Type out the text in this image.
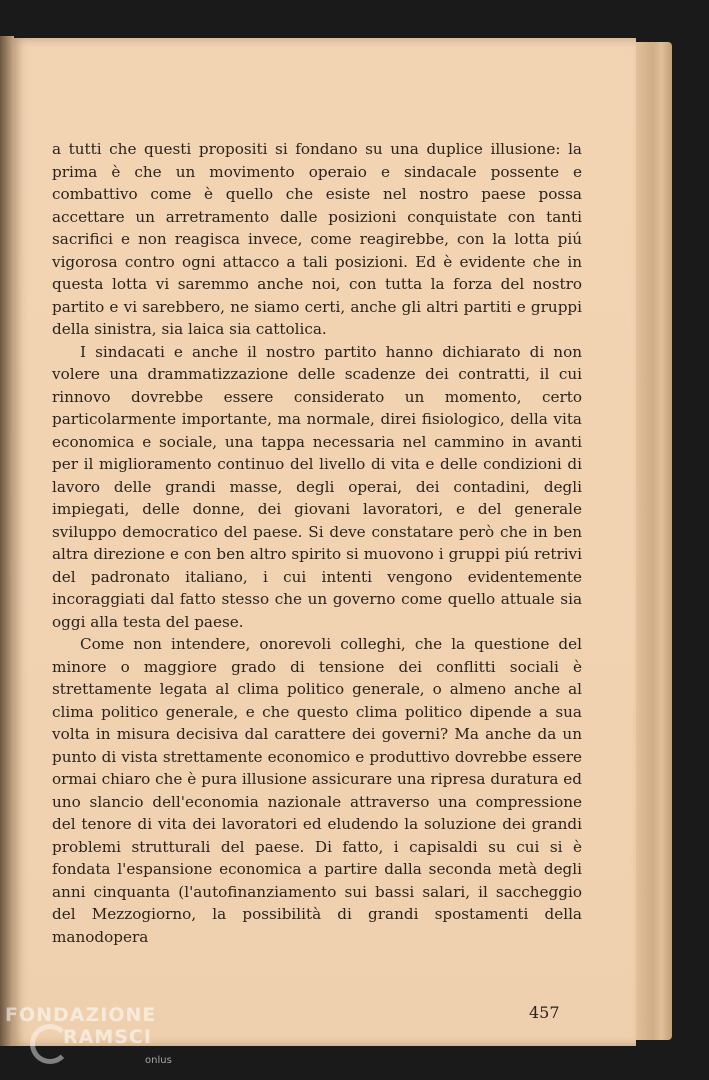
a tutti che questi propositi si fondano su una duplice illusione: la prima è che un movimento operaio e sindacale possente e combattivo come è quello che esiste nel nostro paese possa accettare un arretramento dalle posizioni conquistate con tanti sacrifici e non reagisca invece, come reagirebbe, con la lotta piú vigorosa contro ogni attacco a tali posizioni. Ed è evidente che in questa lotta vi saremmo anche noi, con tutta la forza del nostro partito e vi sarebbero, ne siamo certi, anche gli altri partiti e gruppi della sinistra, sia laica sia cattolica.

I sindacati e anche il nostro partito hanno dichiarato di non volere una drammatizzazione delle scadenze dei contratti, il cui rinnovo dovrebbe essere considerato un momento, certo particolarmente importante, ma normale, direi fisiologico, della vita economica e sociale, una tappa necessaria nel cammino in avanti per il miglioramento continuo del livello di vita e delle condizioni di lavoro delle grandi masse, degli operai, dei contadini, degli impiegati, delle donne, dei giovani lavoratori, e del generale sviluppo democratico del paese. Si deve constatare però che in ben altra direzione e con ben altro spirito si muovono i gruppi piú retrivi del padronato italiano, i cui intenti vengono evidentemente incoraggiati dal fatto stesso che un governo come quello attuale sia oggi alla testa del paese.

Come non intendere, onorevoli colleghi, che la questione del minore o maggiore grado di tensione dei conflitti sociali è strettamente legata al clima politico generale, o almeno anche al clima politico generale, e che questo clima politico dipende a sua volta in misura decisiva dal carattere dei governi? Ma anche da un punto di vista strettamente economico e produttivo dovrebbe essere ormai chiaro che è pura illusione assicurare una ripresa duratura ed uno slancio dell'economia nazionale attraverso una compressione del tenore di vita dei lavoratori ed eludendo la soluzione dei grandi problemi strutturali del paese. Di fatto, i capisaldi su cui si è fondata l'espansione economica a partire dalla seconda metà degli anni cinquanta (l'autofinanziamento sui bassi salari, il saccheggio del Mezzogiorno, la possibilità di grandi spostamenti della manodopera

457
FONDAZIONE
RAMSCI
onlus
